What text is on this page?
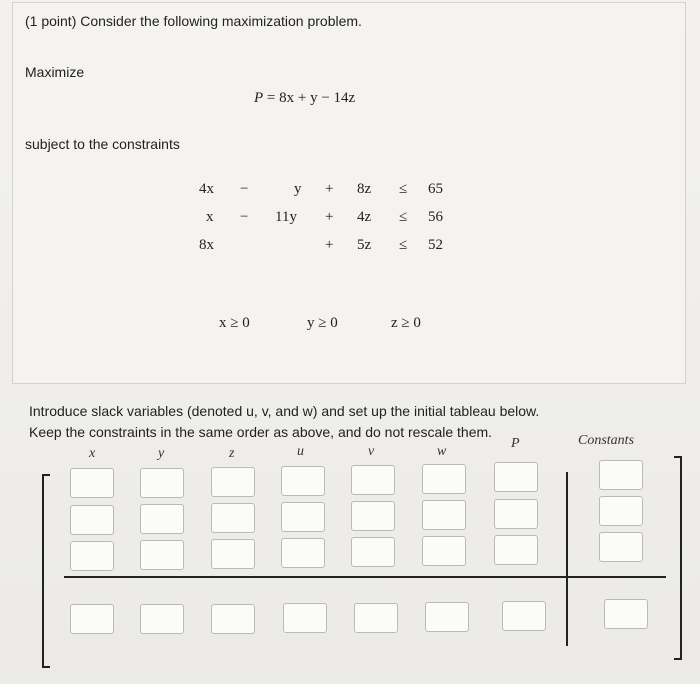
(1 point) Consider the following maximization problem.
Maximize
P = 8x + y − 14z
subject to the constraints
4x −	y + 8z ≤ 65
x − 11y + 4z ≤ 56
8x	+ 5z ≤ 52
x ≥ 0	y ≥ 0	z ≥ 0
Introduce slack variables (denoted u, v, and w) and set up the initial tableau below.
Keep the constraints in the same order as above, and do not rescale them.
x	y	z	u	v	w
P	Constants
